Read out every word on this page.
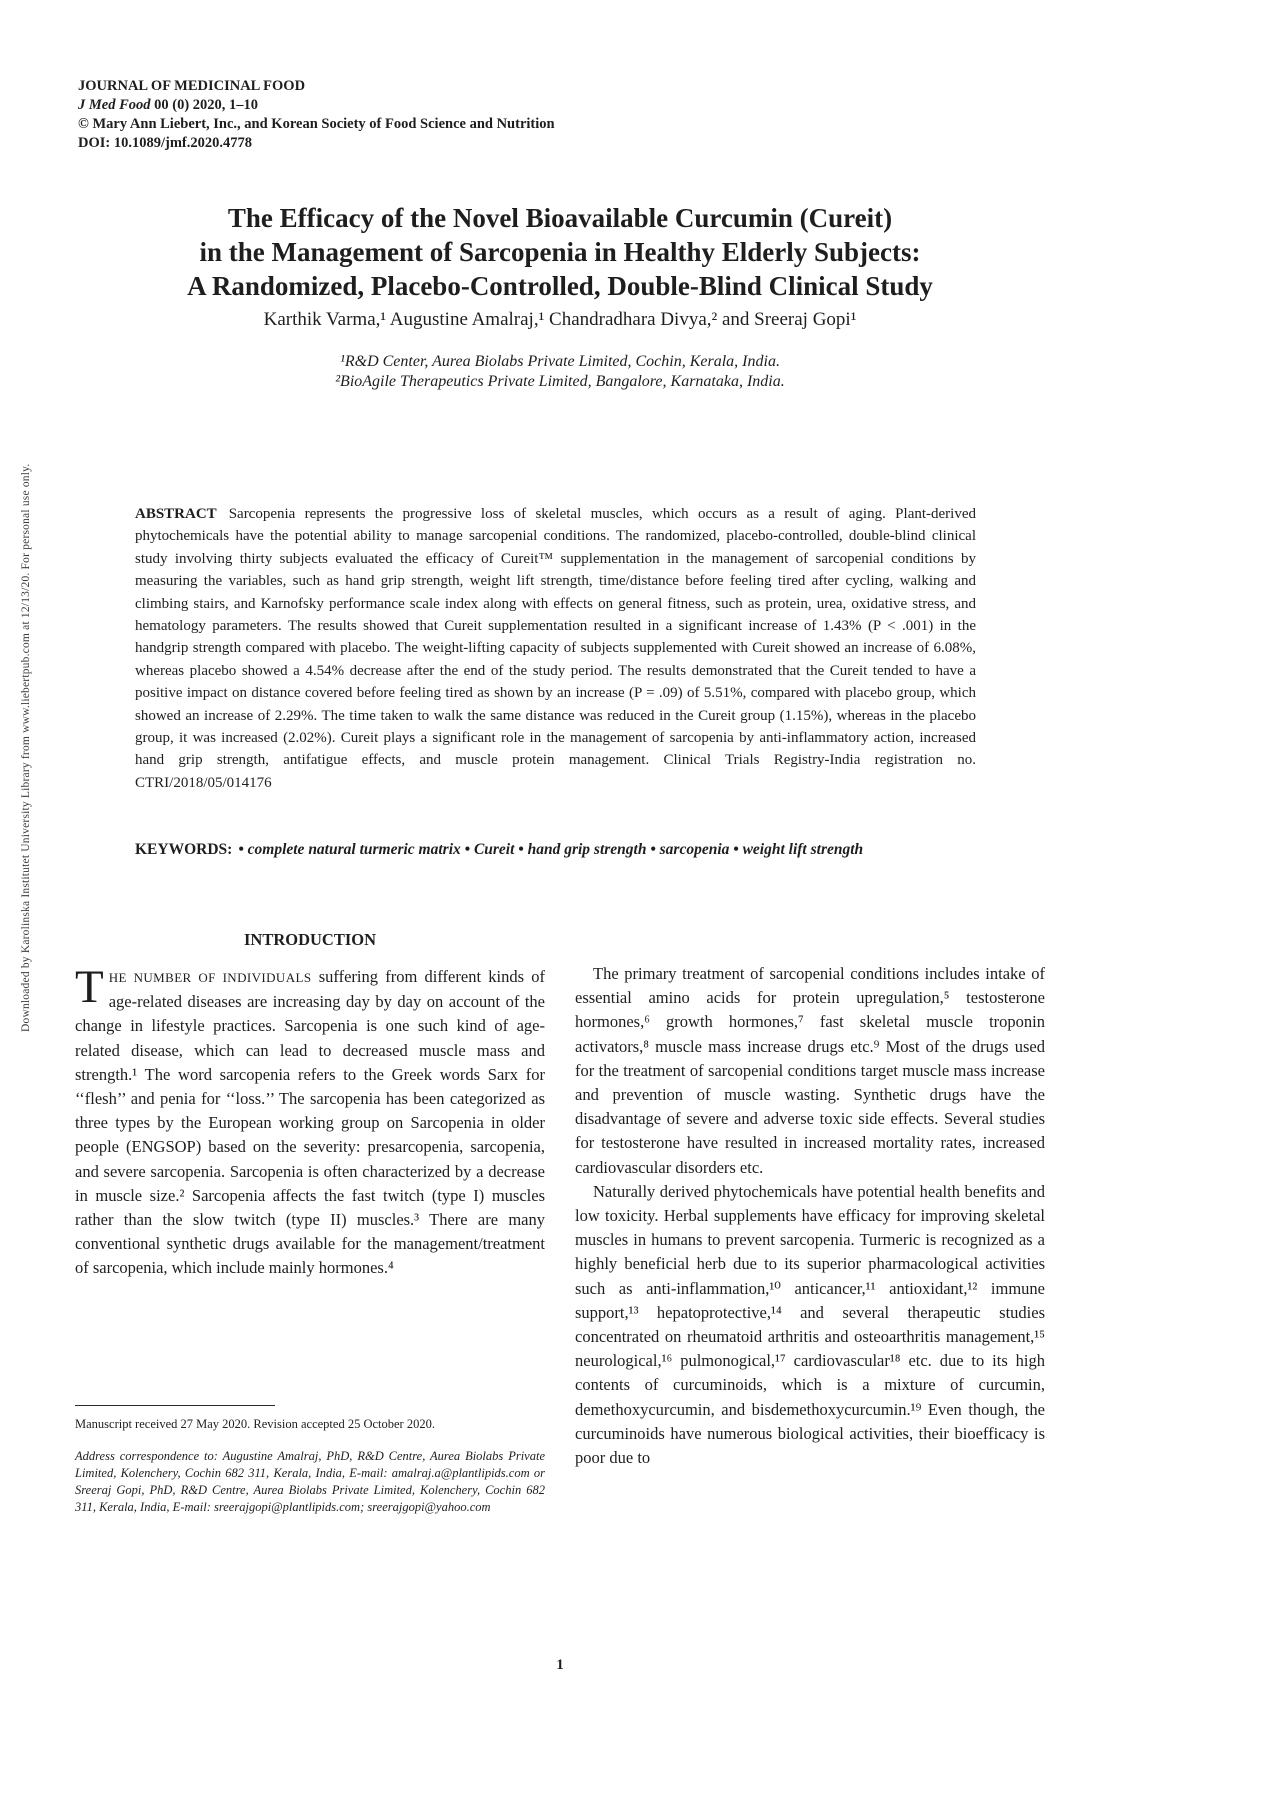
Downloaded by Karolinska Institutet University Library from www.liebertpub.com at 12/13/20. For personal use only.
JOURNAL OF MEDICINAL FOOD
J Med Food 00 (0) 2020, 1–10
© Mary Ann Liebert, Inc., and Korean Society of Food Science and Nutrition
DOI: 10.1089/jmf.2020.4778
The Efficacy of the Novel Bioavailable Curcumin (Cureit)
in the Management of Sarcopenia in Healthy Elderly Subjects:
A Randomized, Placebo-Controlled, Double-Blind Clinical Study
Karthik Varma,¹ Augustine Amalraj,¹ Chandradhara Divya,² and Sreeraj Gopi¹
¹R&D Center, Aurea Biolabs Private Limited, Cochin, Kerala, India.
²BioAgile Therapeutics Private Limited, Bangalore, Karnataka, India.
ABSTRACT Sarcopenia represents the progressive loss of skeletal muscles, which occurs as a result of aging. Plant-derived phytochemicals have the potential ability to manage sarcopenial conditions. The randomized, placebo-controlled, double-blind clinical study involving thirty subjects evaluated the efficacy of Cureit™ supplementation in the management of sarcopenial conditions by measuring the variables, such as hand grip strength, weight lift strength, time/distance before feeling tired after cycling, walking and climbing stairs, and Karnofsky performance scale index along with effects on general fitness, such as protein, urea, oxidative stress, and hematology parameters. The results showed that Cureit supplementation resulted in a significant increase of 1.43% (P < .001) in the handgrip strength compared with placebo. The weight-lifting capacity of subjects supplemented with Cureit showed an increase of 6.08%, whereas placebo showed a 4.54% decrease after the end of the study period. The results demonstrated that the Cureit tended to have a positive impact on distance covered before feeling tired as shown by an increase (P = .09) of 5.51%, compared with placebo group, which showed an increase of 2.29%. The time taken to walk the same distance was reduced in the Cureit group (1.15%), whereas in the placebo group, it was increased (2.02%). Cureit plays a significant role in the management of sarcopenia by anti-inflammatory action, increased hand grip strength, antifatigue effects, and muscle protein management. Clinical Trials Registry-India registration no. CTRI/2018/05/014176
KEYWORDS: • complete natural turmeric matrix • Cureit • hand grip strength • sarcopenia • weight lift strength
INTRODUCTION
THE NUMBER OF INDIVIDUALS suffering from different kinds of age-related diseases are increasing day by day on account of the change in lifestyle practices. Sarcopenia is one such kind of age-related disease, which can lead to decreased muscle mass and strength.¹ The word sarcopenia refers to the Greek words Sarx for ‘‘flesh’’ and penia for ‘‘loss.’’ The sarcopenia has been categorized as three types by the European working group on Sarcopenia in older people (ENGSOP) based on the severity: presarcopenia, sarcopenia, and severe sarcopenia. Sarcopenia is often characterized by a decrease in muscle size.² Sarcopenia affects the fast twitch (type I) muscles rather than the slow twitch (type II) muscles.³ There are many conventional synthetic drugs available for the management/treatment of sarcopenia, which include mainly hormones.⁴
Manuscript received 27 May 2020. Revision accepted 25 October 2020.
Address correspondence to: Augustine Amalraj, PhD, R&D Centre, Aurea Biolabs Private Limited, Kolenchery, Cochin 682 311, Kerala, India, E-mail: amalraj.a@plantlipids.com or Sreeraj Gopi, PhD, R&D Centre, Aurea Biolabs Private Limited, Kolenchery, Cochin 682 311, Kerala, India, E-mail: sreerajgopi@plantlipids.com; sreerajgopi@yahoo.com

The primary treatment of sarcopenial conditions includes intake of essential amino acids for protein upregulation,⁵ testosterone hormones,⁶ growth hormones,⁷ fast skeletal muscle troponin activators,⁸ muscle mass increase drugs etc.⁹ Most of the drugs used for the treatment of sarcopenial conditions target muscle mass increase and prevention of muscle wasting. Synthetic drugs have the disadvantage of severe and adverse toxic side effects. Several studies for testosterone have resulted in increased mortality rates, increased cardiovascular disorders etc.

Naturally derived phytochemicals have potential health benefits and low toxicity. Herbal supplements have efficacy for improving skeletal muscles in humans to prevent sarcopenia. Turmeric is recognized as a highly beneficial herb due to its superior pharmacological activities such as anti-inflammation,¹⁰ anticancer,¹¹ antioxidant,¹² immune support,¹³ hepatoprotective,¹⁴ and several therapeutic studies concentrated on rheumatoid arthritis and osteoarthritis management,¹⁵ neurological,¹⁶ pulmonogical,¹⁷ cardiovascular¹⁸ etc. due to its high contents of curcuminoids, which is a mixture of curcumin, demethoxycurcumin, and bisdemethoxycurcumin.¹⁹ Even though, the curcuminoids have numerous biological activities, their bioefficacy is poor due to

1
